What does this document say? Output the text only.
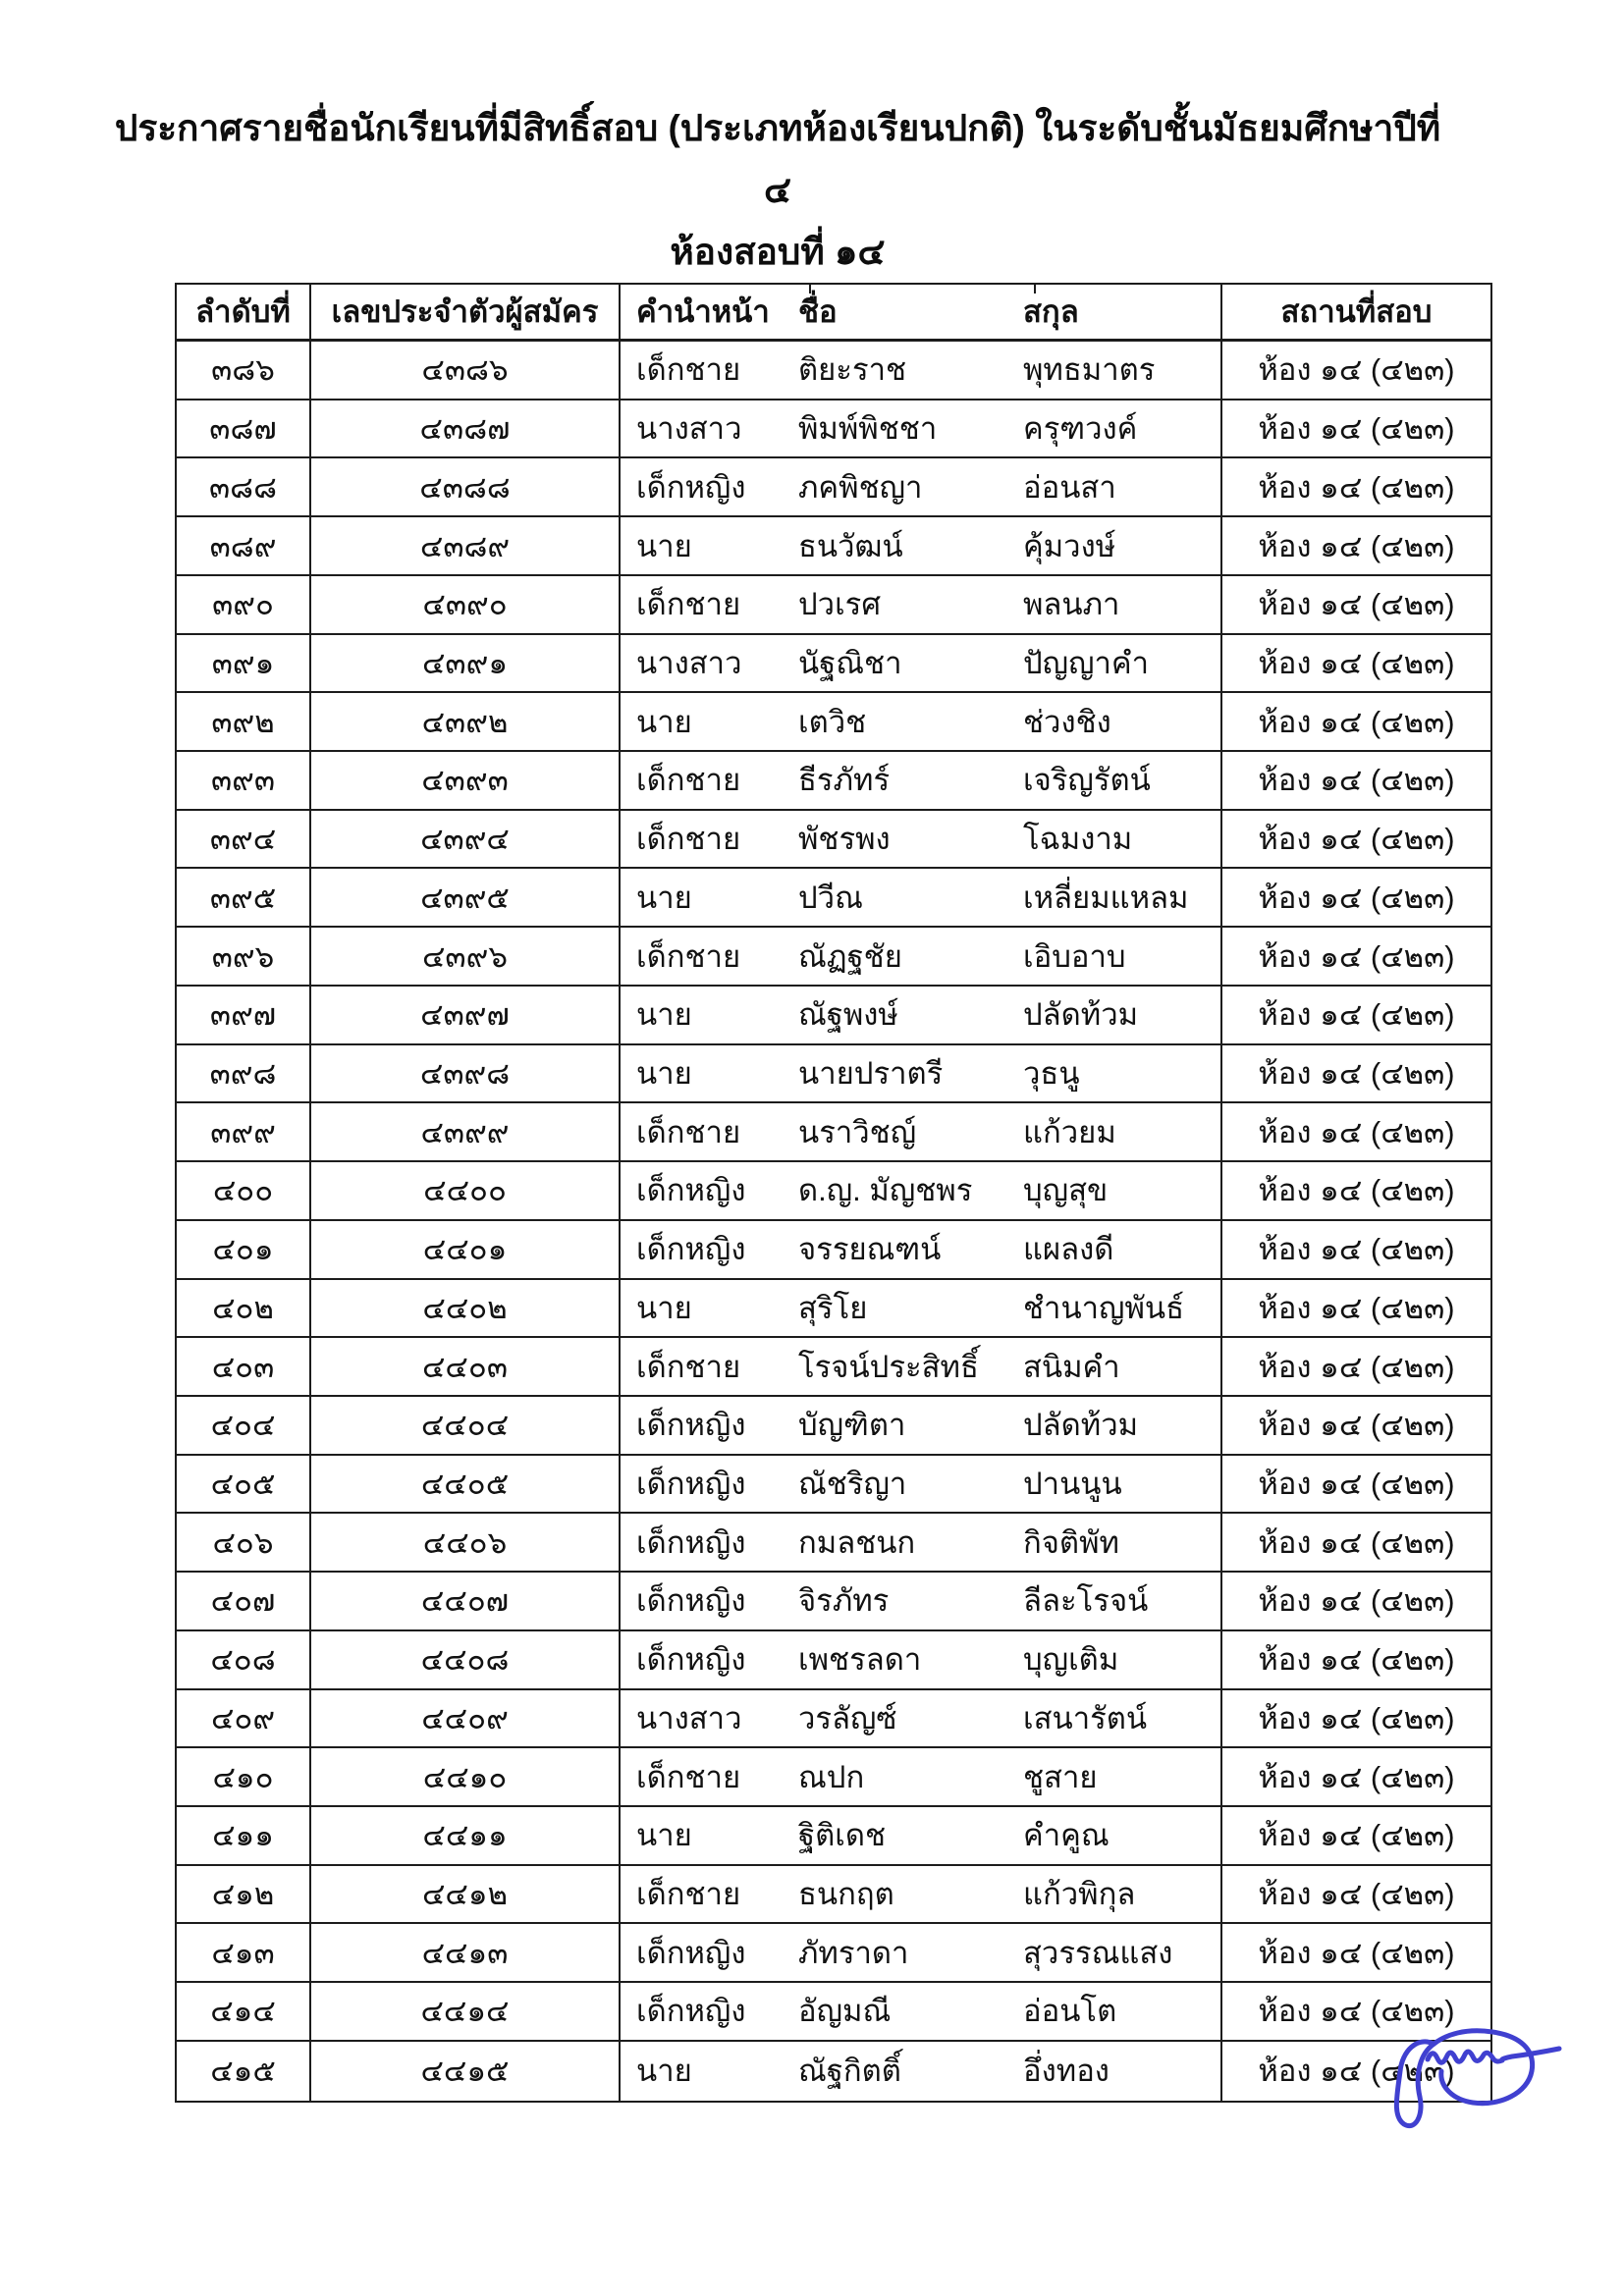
ประกาศรายชื่อนักเรียนที่มีสิทธิ์สอบ (ประเภทห้องเรียนปกติ) ในระดับชั้นมัธยมศึกษาปีที่ ๔
ห้องสอบที่ ๑๔
ลำดับที่	เลขประจำตัวผู้สมัคร	คำนำหน้า ชื่อ	สกุล	สถานที่สอบ
๓๘๖	๔๓๘๖	เด็กชาย	ติยะราช	พุทธมาตร	ห้อง ๑๔ (๔๒๓)
๓๘๗	๔๓๘๗	นางสาว	พิมพ์พิชชา	ครุฑวงค์	ห้อง ๑๔ (๔๒๓)
๓๘๘	๔๓๘๘	เด็กหญิง	ภคพิชญา	อ่อนสา	ห้อง ๑๔ (๔๒๓)
๓๘๙	๔๓๘๙	นาย	ธนวัฒน์	คุ้มวงษ์	ห้อง ๑๔ (๔๒๓)
๓๙๐	๔๓๙๐	เด็กชาย	ปวเรศ	พลนภา	ห้อง ๑๔ (๔๒๓)
๓๙๑	๔๓๙๑	นางสาว	นัฐณิชา	ปัญญาคำ	ห้อง ๑๔ (๔๒๓)
๓๙๒	๔๓๙๒	นาย	เตวิช	ช่วงชิง	ห้อง ๑๔ (๔๒๓)
๓๙๓	๔๓๙๓	เด็กชาย	ธีรภัทร์	เจริญรัตน์	ห้อง ๑๔ (๔๒๓)
๓๙๔	๔๓๙๔	เด็กชาย	พัชรพง	โฉมงาม	ห้อง ๑๔ (๔๒๓)
๓๙๕	๔๓๙๕	นาย	ปวีณ	เหลี่ยมแหลม	ห้อง ๑๔ (๔๒๓)
๓๙๖	๔๓๙๖	เด็กชาย	ณัฏฐชัย	เอิบอาบ	ห้อง ๑๔ (๔๒๓)
๓๙๗	๔๓๙๗	นาย	ณัฐพงษ์	ปลัดท้วม	ห้อง ๑๔ (๔๒๓)
๓๙๘	๔๓๙๘	นาย	นายปราตรี	วุธนู	ห้อง ๑๔ (๔๒๓)
๓๙๙	๔๓๙๙	เด็กชาย	นราวิชญ์	แก้วยม	ห้อง ๑๔ (๔๒๓)
๔๐๐	๔๔๐๐	เด็กหญิง	ด.ญ. มัญชพร	บุญสุข	ห้อง ๑๔ (๔๒๓)
๔๐๑	๔๔๐๑	เด็กหญิง	จรรยณฑน์	แผลงดี	ห้อง ๑๔ (๔๒๓)
๔๐๒	๔๔๐๒	นาย	สุริโย	ชำนาญพันธ์	ห้อง ๑๔ (๔๒๓)
๔๐๓	๔๔๐๓	เด็กชาย	โรจน์ประสิทธิ์	สนิมคำ	ห้อง ๑๔ (๔๒๓)
๔๐๔	๔๔๐๔	เด็กหญิง	บัญฑิตา	ปลัดท้วม	ห้อง ๑๔ (๔๒๓)
๔๐๕	๔๔๐๕	เด็กหญิง	ณัชริญา	ปานนูน	ห้อง ๑๔ (๔๒๓)
๔๐๖	๔๔๐๖	เด็กหญิง	กมลชนก	กิจติพัท	ห้อง ๑๔ (๔๒๓)
๔๐๗	๔๔๐๗	เด็กหญิง	จิรภัทร	ลีละโรจน์	ห้อง ๑๔ (๔๒๓)
๔๐๘	๔๔๐๘	เด็กหญิง	เพชรลดา	บุญเติม	ห้อง ๑๔ (๔๒๓)
๔๐๙	๔๔๐๙	นางสาว	วรลัญซ์	เสนารัตน์	ห้อง ๑๔ (๔๒๓)
๔๑๐	๔๔๑๐	เด็กชาย	ณปก	ชูสาย	ห้อง ๑๔ (๔๒๓)
๔๑๑	๔๔๑๑	นาย	ฐิติเดช	คำคูณ	ห้อง ๑๔ (๔๒๓)
๔๑๒	๔๔๑๒	เด็กชาย	ธนกฤต	แก้วพิกุล	ห้อง ๑๔ (๔๒๓)
๔๑๓	๔๔๑๓	เด็กหญิง	ภัทราดา	สุวรรณแสง	ห้อง ๑๔ (๔๒๓)
๔๑๔	๔๔๑๔	เด็กหญิง	อัญมณี	อ่อนโต	ห้อง ๑๔ (๔๒๓)
๔๑๕	๔๔๑๕	นาย	ณัฐกิตติ์	อึ่งทอง	ห้อง ๑๔ (๔๒๓)
